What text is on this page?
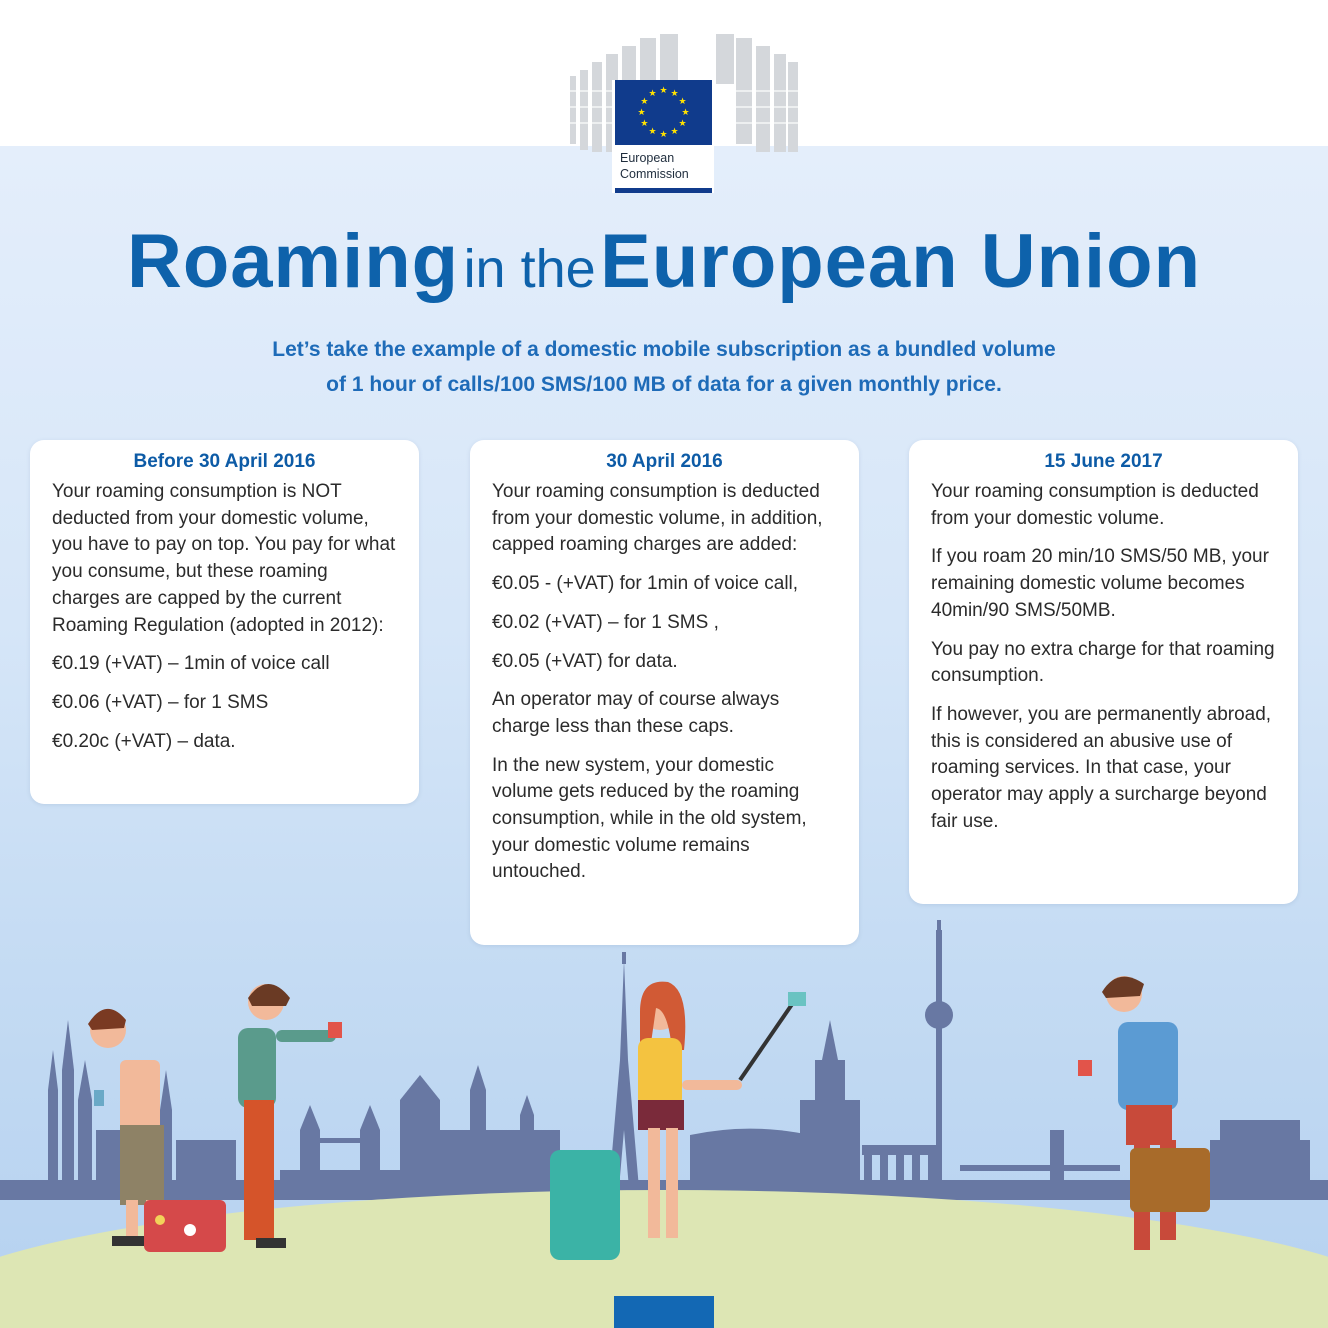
★ ★
★
★
★
★
★
★
★
★
★
★
European
Commission
Roaming in the European Union
Let’s take the example of a domestic mobile subscription as a bundled volume
of 1 hour of calls/100 SMS/100 MB of data for a given monthly price.
Before 30 April 2016

Your roaming consumption is NOT deducted from your domestic volume, you have to pay on top. You pay for what you consume, but these roaming charges are capped by the current Roaming Regulation (adopted in 2012):

€0.19 (+VAT) – 1min of voice call

€0.06 (+VAT) – for 1 SMS

€0.20c (+VAT) – data.

30 April 2016

Your roaming consumption is deducted from your domestic volume, in addition, capped roaming charges are added:

€0.05 - (+VAT) for 1min of voice call,

€0.02 (+VAT) – for 1 SMS ,

€0.05 (+VAT) for data.

An operator may of course always charge less than these caps.

In the new system, your domestic volume gets reduced by the roaming consumption, while in the old system, your domestic volume remains untouched.

15 June 2017

Your roaming consumption is deducted from your domestic volume.

If you roam 20 min/10 SMS/50 MB, your remaining domestic volume becomes 40min/90 SMS/50MB.

You pay no extra charge for that roaming consumption.

If however, you are permanently abroad, this is considered an abusive use of roaming services. In that case, your operator may apply a surcharge beyond fair use.
